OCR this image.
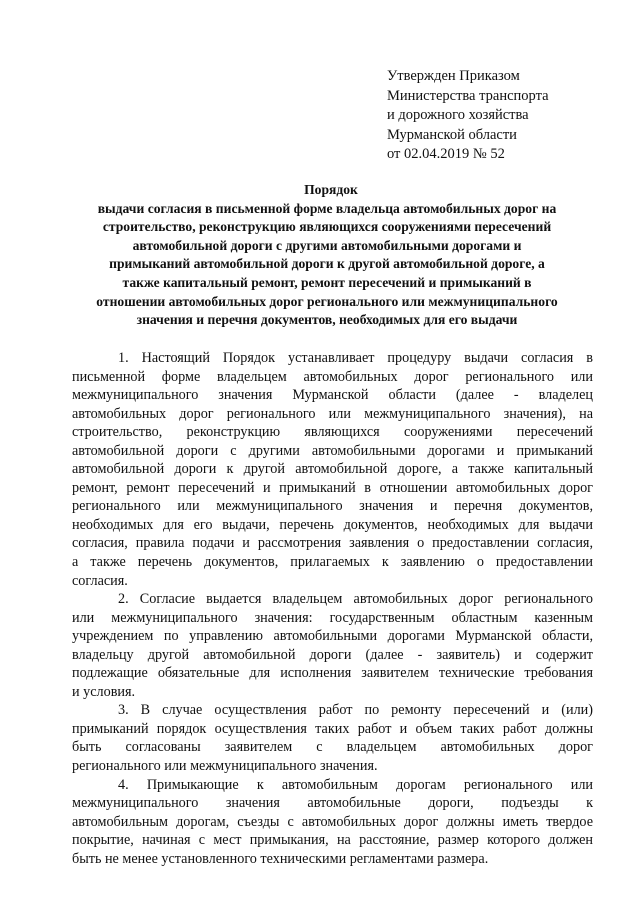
Утвержден Приказом
Министерства транспорта
и дорожного хозяйства
Мурманской области
от 02.04.2019 № 52
Порядок
выдачи согласия в письменной форме владельца автомобильных дорог на
строительство, реконструкцию являющихся сооружениями пересечений
автомобильной дороги с другими автомобильными дорогами и
примыканий автомобильной дороги к другой автомобильной дороге, а
также капитальный ремонт, ремонт пересечений и примыканий в
отношении автомобильных дорог регионального или межмуниципального
значения и перечня документов, необходимых для его выдачи
1. Настоящий Порядок устанавливает процедуру выдачи согласия в
письменной форме владельцем автомобильных дорог регионального или
межмуниципального значения Мурманской области (далее - владелец
автомобильных дорог регионального или межмуниципального значения), на
строительство, реконструкцию являющихся сооружениями пересечений
автомобильной дороги с другими автомобильными дорогами и примыканий
автомобильной дороги к другой автомобильной дороге, а также капитальный
ремонт, ремонт пересечений и примыканий в отношении автомобильных дорог
регионального или межмуниципального значения и перечня документов,
необходимых для его выдачи, перечень документов, необходимых для выдачи
согласия, правила подачи и рассмотрения заявления о предоставлении согласия,
а также перечень документов, прилагаемых к заявлению о предоставлении
согласия.
2. Согласие выдается владельцем автомобильных дорог регионального
или межмуниципального значения: государственным областным казенным
учреждением по управлению автомобильными дорогами Мурманской области,
владельцу другой автомобильной дороги (далее - заявитель) и содержит
подлежащие обязательные для исполнения заявителем технические требования
и условия.
3. В случае осуществления работ по ремонту пересечений и (или)
примыканий порядок осуществления таких работ и объем таких работ должны
быть согласованы заявителем с владельцем автомобильных дорог
регионального или межмуниципального значения.
4. Примыкающие к автомобильным дорогам регионального или
межмуниципального значения автомобильные дороги, подъезды к
автомобильным дорогам, съезды с автомобильных дорог должны иметь твердое
покрытие, начиная с мест примыкания, на расстояние, размер которого должен
быть не менее установленного техническими регламентами размера.
